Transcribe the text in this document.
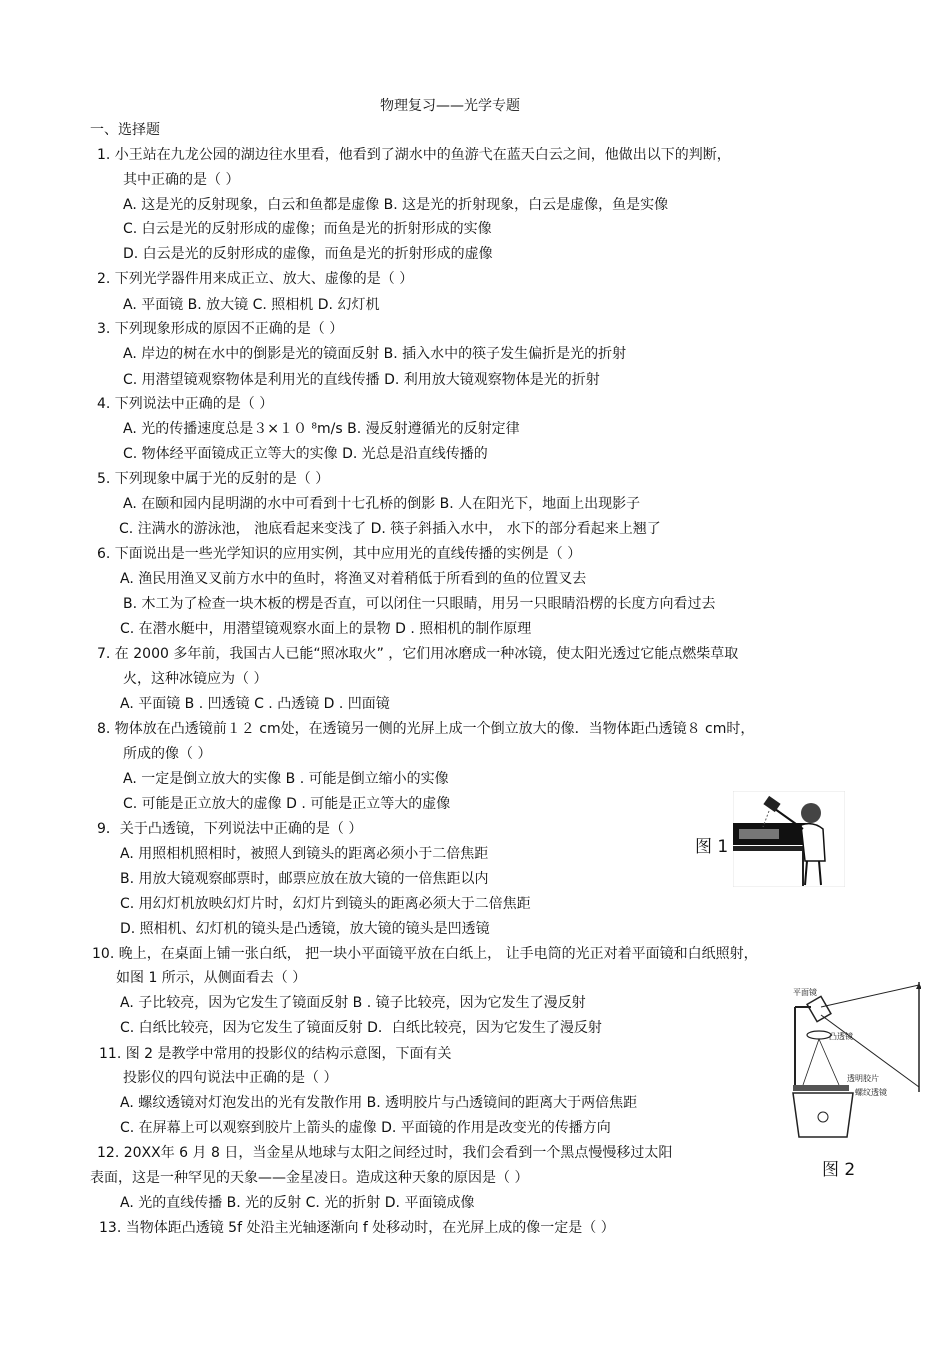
物理复习——光学专题
一、选择题
1. 小王站在九龙公园的湖边往水里看，他看到了湖水中的鱼游弋在蓝天白云之间，他做出以下的判断，
其中正确的是（ ）
A. 这是光的反射现象，白云和鱼都是虚像 B. 这是光的折射现象，白云是虚像，鱼是实像
C. 白云是光的反射形成的虚像；而鱼是光的折射形成的实像
D. 白云是光的反射形成的虚像，而鱼是光的折射形成的虚像
2. 下列光学器件用来成正立、放大、虚像的是（ ）
A. 平面镜 B. 放大镜 C. 照相机 D. 幻灯机
3. 下列现象形成的原因不正确的是（ ）
A. 岸边的树在水中的倒影是光的镜面反射 B. 插入水中的筷子发生偏折是光的折射
C. 用潜望镜观察物体是利用光的直线传播 D. 利用放大镜观察物体是光的折射
4. 下列说法中正确的是（ ）
A. 光的传播速度总是３×１０ ⁸m/s B. 漫反射遵循光的反射定律
C. 物体经平面镜成正立等大的实像 D. 光总是沿直线传播的
5. 下列现象中属于光的反射的是（ ）
A. 在颐和园内昆明湖的水中可看到十七孔桥的倒影 B. 人在阳光下，地面上出现影子
C. 注满水的游泳池， 池底看起来变浅了 D. 筷子斜插入水中， 水下的部分看起来上翘了
6. 下面说出是一些光学知识的应用实例，其中应用光的直线传播的实例是（ ）
A. 渔民用渔叉叉前方水中的鱼时，将渔叉对着稍低于所看到的鱼的位置叉去
B. 木工为了检查一块木板的楞是否直，可以闭住一只眼睛，用另一只眼睛沿楞的长度方向看过去
C. 在潜水艇中，用潜望镜观察水面上的景物 D . 照相机的制作原理
7. 在 2000 多年前，我国古人已能“照冰取火” ，它们用冰磨成一种冰镜，使太阳光透过它能点燃柴草取
火，这种冰镜应为（ ）
A. 平面镜 B . 凹透镜 C . 凸透镜 D . 凹面镜
8. 物体放在凸透镜前１２ cm处，在透镜另一侧的光屏上成一个倒立放大的像．当物体距凸透镜８ cm时，
所成的像（ ）
A. 一定是倒立放大的实像 B . 可能是倒立缩小的实像
C. 可能是正立放大的虚像 D . 可能是正立等大的虚像
9．关于凸透镜，下列说法中正确的是（ ）
A. 用照相机照相时，被照人到镜头的距离必须小于二倍焦距
B. 用放大镜观察邮票时，邮票应放在放大镜的一倍焦距以内
C. 用幻灯机放映幻灯片时，幻灯片到镜头的距离必须大于二倍焦距
D. 照相机、幻灯机的镜头是凸透镜，放大镜的镜头是凹透镜
10. 晚上，在桌面上铺一张白纸， 把一块小平面镜平放在白纸上， 让手电筒的光正对着平面镜和白纸照射，
如图 1 所示，从侧面看去（ ）
A. 子比较亮，因为它发生了镜面反射 B . 镜子比较亮，因为它发生了漫反射
C. 白纸比较亮，因为它发生了镜面反射 D．白纸比较亮，因为它发生了漫反射
11. 图 2 是教学中常用的投影仪的结构示意图，下面有关
投影仪的四句说法中正确的是（ ）
A. 螺纹透镜对灯泡发出的光有发散作用 B. 透明胶片与凸透镜间的距离大于两倍焦距
C. 在屏幕上可以观察到胶片上箭头的虚像 D. 平面镜的作用是改变光的传播方向
12. 20XX年 6 月 8 日，当金星从地球与太阳之间经过时，我们会看到一个黑点慢慢移过太阳
表面，这是一种罕见的天象——金星凌日。造成这种天象的原因是（ ）
A. 光的直线传播 B. 光的反射 C. 光的折射 D. 平面镜成像
13. 当物体距凸透镜 5f 处沿主光轴逐渐向 f 处移动时，在光屏上成的像一定是（ ）
图 1
平面镜
凸透镜
透明胶片
螺纹透镜
图 2
